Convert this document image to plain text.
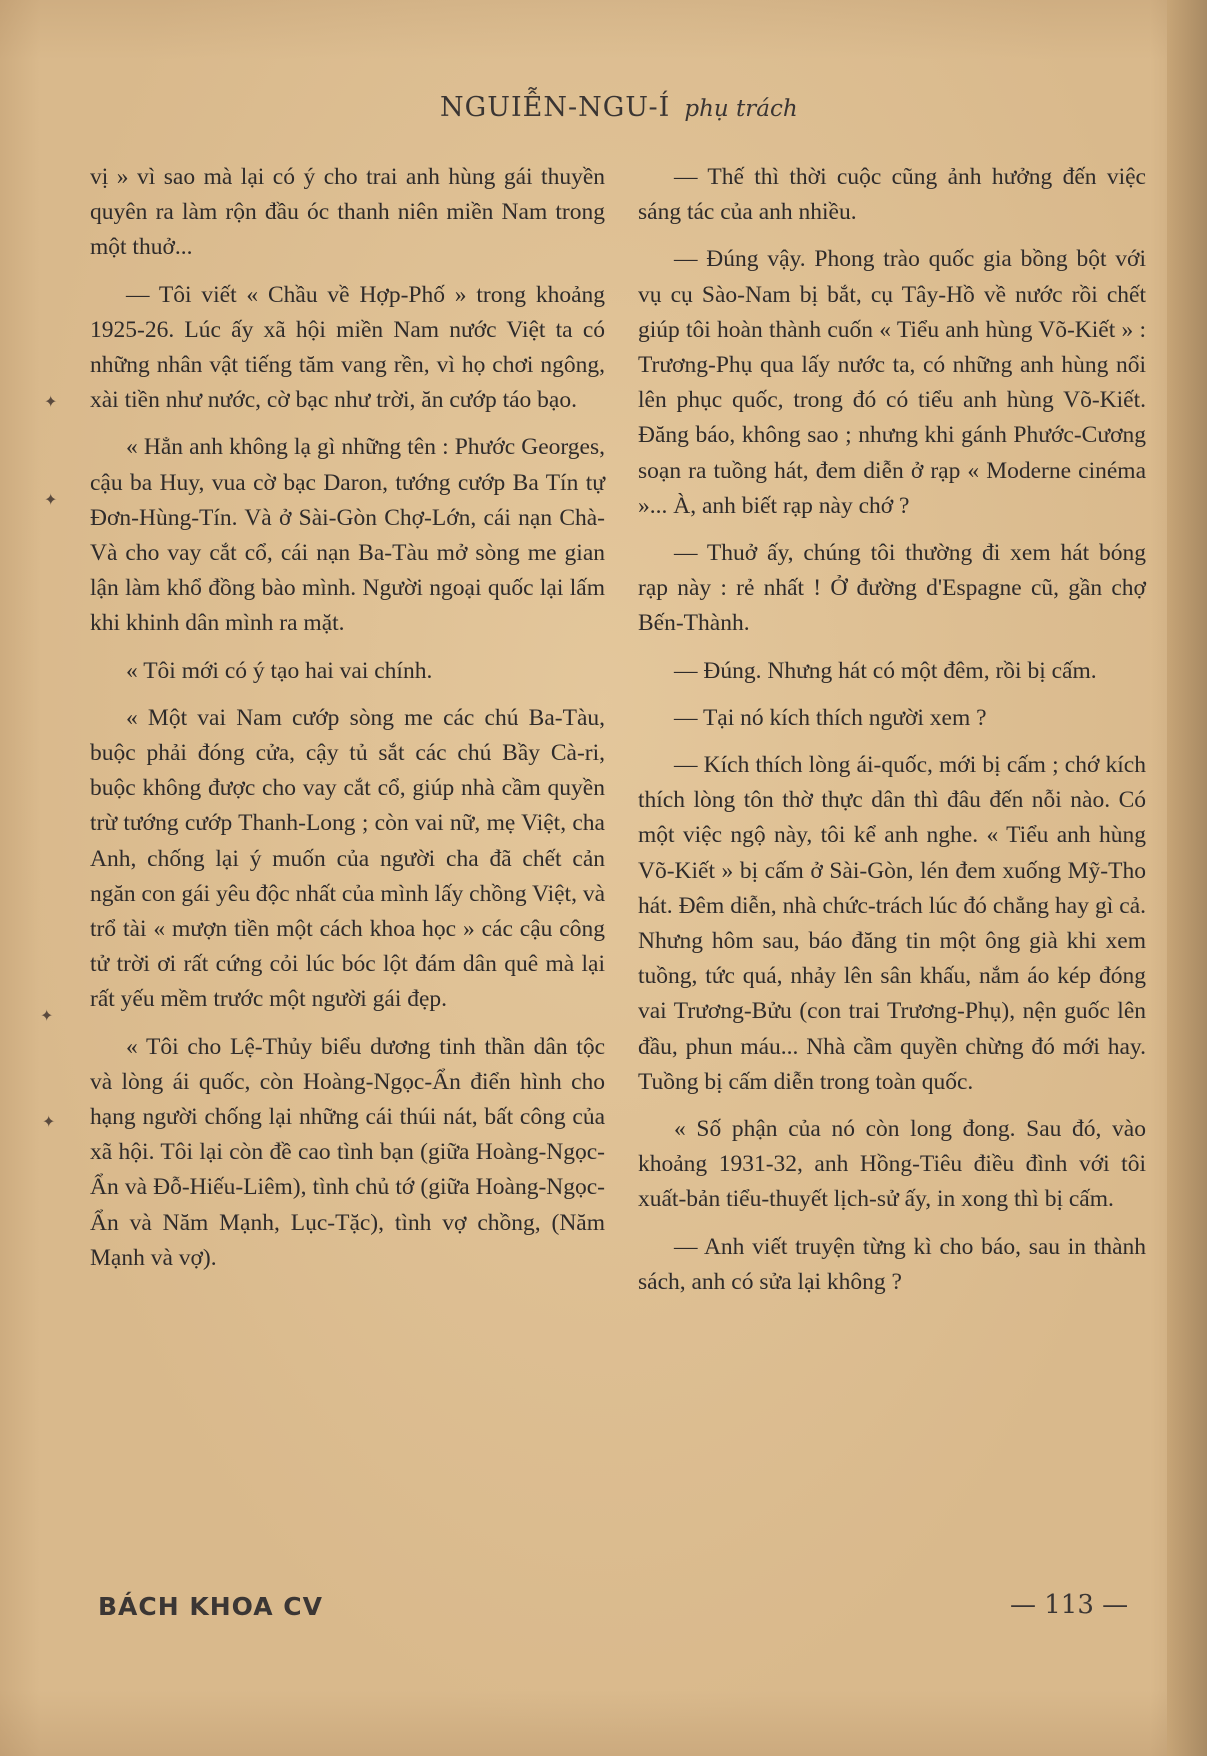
NGUIỄN-NGU-Í phụ trách

vị » vì sao mà lại có ý cho trai anh hùng gái thuyền quyên ra làm rộn đầu óc thanh niên miền Nam trong một thuở...

— Tôi viết « Chầu về Hợp-Phố » trong khoảng 1925-26. Lúc ấy xã hội miền Nam nước Việt ta có những nhân vật tiếng tăm vang rền, vì họ chơi ngông, xài tiền như nước, cờ bạc như trời, ăn cướp táo bạo.

« Hẳn anh không lạ gì những tên : Phước Georges, cậu ba Huy, vua cờ bạc Daron, tướng cướp Ba Tín tự Đơn-Hùng-Tín. Và ở Sài-Gòn Chợ-Lớn, cái nạn Chà-Và cho vay cắt cổ, cái nạn Ba-Tàu mở sòng me gian lận làm khổ đồng bào mình. Người ngoại quốc lại lấm khi khinh dân mình ra mặt.

« Tôi mới có ý tạo hai vai chính.

« Một vai Nam cướp sòng me các chú Ba-Tàu, buộc phải đóng cửa, cậy tủ sắt các chú Bầy Cà-ri, buộc không được cho vay cắt cổ, giúp nhà cầm quyền trừ tướng cướp Thanh-Long ; còn vai nữ, mẹ Việt, cha Anh, chống lại ý muốn của người cha đã chết cản ngăn con gái yêu độc nhất của mình lấy chồng Việt, và trổ tài « mượn tiền một cách khoa học » các cậu công tử trời ơi rất cứng cỏi lúc bóc lột đám dân quê mà lại rất yếu mềm trước một người gái đẹp.

« Tôi cho Lệ-Thủy biểu dương tinh thần dân tộc và lòng ái quốc, còn Hoàng-Ngọc-Ẩn điển hình cho hạng người chống lại những cái thúi nát, bất công của xã hội. Tôi lại còn đề cao tình bạn (giữa Hoàng-Ngọc-Ẩn và Đỗ-Hiếu-Liêm), tình chủ tớ (giữa Hoàng-Ngọc-Ẩn và Năm Mạnh, Lục-Tặc), tình vợ chồng, (Năm Mạnh và vợ).

— Thế thì thời cuộc cũng ảnh hưởng đến việc sáng tác của anh nhiều.

— Đúng vậy. Phong trào quốc gia bồng bột với vụ cụ Sào-Nam bị bắt, cụ Tây-Hồ về nước rồi chết giúp tôi hoàn thành cuốn « Tiểu anh hùng Võ-Kiết » : Trương-Phụ qua lấy nước ta, có những anh hùng nổi lên phục quốc, trong đó có tiểu anh hùng Võ-Kiết. Đăng báo, không sao ; nhưng khi gánh Phước-Cương soạn ra tuồng hát, đem diễn ở rạp « Moderne cinéma »... À, anh biết rạp này chớ ?

— Thuở ấy, chúng tôi thường đi xem hát bóng rạp này : rẻ nhất ! Ở đường d'Espagne cũ, gần chợ Bến-Thành.

— Đúng. Nhưng hát có một đêm, rồi bị cấm.

— Tại nó kích thích người xem ?

— Kích thích lòng ái-quốc, mới bị cấm ; chớ kích thích lòng tôn thờ thực dân thì đâu đến nỗi nào. Có một việc ngộ này, tôi kể anh nghe. « Tiểu anh hùng Võ-Kiết » bị cấm ở Sài-Gòn, lén đem xuống Mỹ-Tho hát. Đêm diễn, nhà chức-trách lúc đó chẳng hay gì cả. Nhưng hôm sau, báo đăng tin một ông già khi xem tuồng, tức quá, nhảy lên sân khấu, nắm áo kép đóng vai Trương-Bửu (con trai Trương-Phụ), nện guốc lên đầu, phun máu... Nhà cầm quyền chừng đó mới hay. Tuồng bị cấm diễn trong toàn quốc.

« Số phận của nó còn long đong. Sau đó, vào khoảng 1931-32, anh Hồng-Tiêu điều đình với tôi xuất-bản tiểu-thuyết lịch-sử ấy, in xong thì bị cấm.

— Anh viết truyện từng kì cho báo, sau in thành sách, anh có sửa lại không ?

BÁCH KHOA CV	— 113 —
✦
✦
✦
✦
